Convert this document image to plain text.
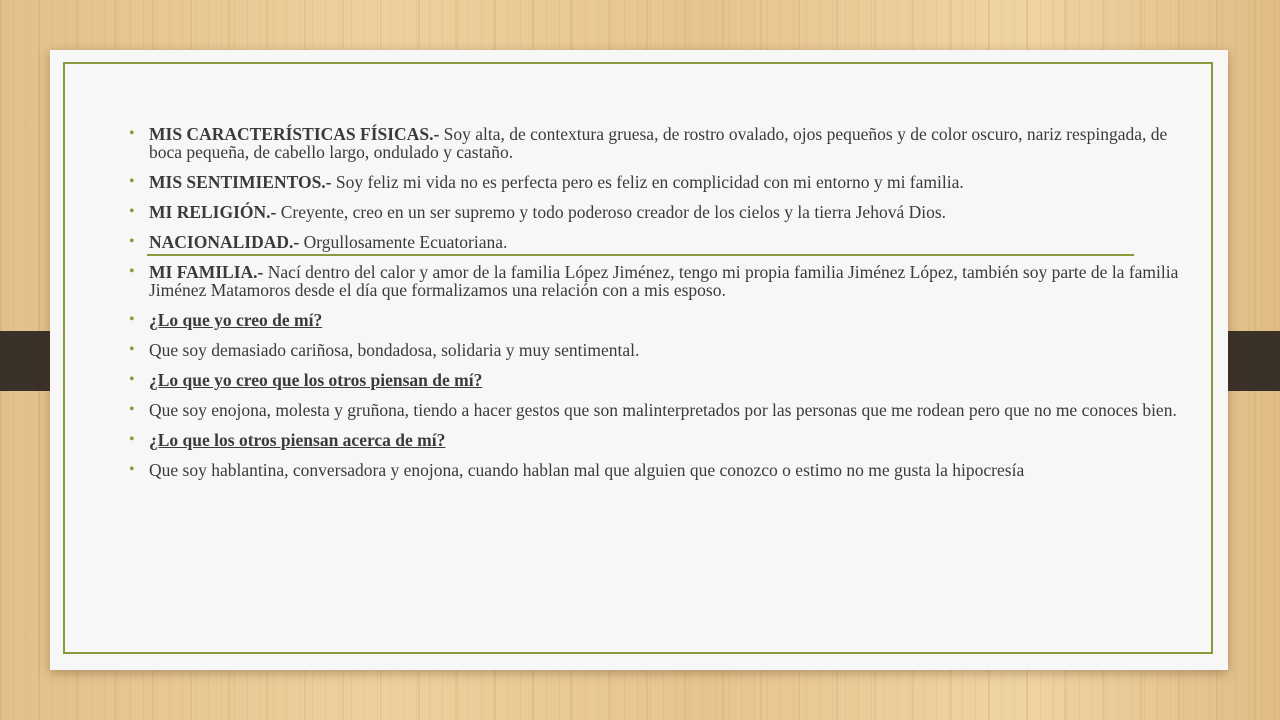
• MIS CARACTERÍSTICAS FÍSICAS.- Soy alta, de contextura gruesa, de rostro ovalado, ojos pequeños y de color oscuro, nariz respingada, de boca pequeña, de cabello largo, ondulado y castaño.
• MIS SENTIMIENTOS.- Soy feliz mi vida no es perfecta pero es feliz en complicidad con mi entorno y mi familia.
• MI RELIGIÓN.- Creyente, creo en un ser supremo y todo poderoso creador de los cielos y la tierra Jehová Dios.
• NACIONALIDAD.- Orgullosamente Ecuatoriana.
• MI FAMILIA.- Nací dentro del calor y amor de la familia López Jiménez, tengo mi propia familia Jiménez López, también soy parte de la familia Jiménez Matamoros desde el día que formalizamos una relación con a mis esposo.
• ¿Lo que yo creo de mí?
• Que soy demasiado cariñosa, bondadosa, solidaria y muy sentimental.
• ¿Lo que yo creo que los otros piensan de mí?
• Que soy enojona, molesta y gruñona, tiendo a hacer gestos que son malinterpretados por las personas que me rodean pero que no me conoces bien.
• ¿Lo que los otros piensan acerca de mí?
• Que soy hablantina, conversadora y enojona, cuando hablan mal que alguien que conozco o estimo no me gusta la hipocresía
